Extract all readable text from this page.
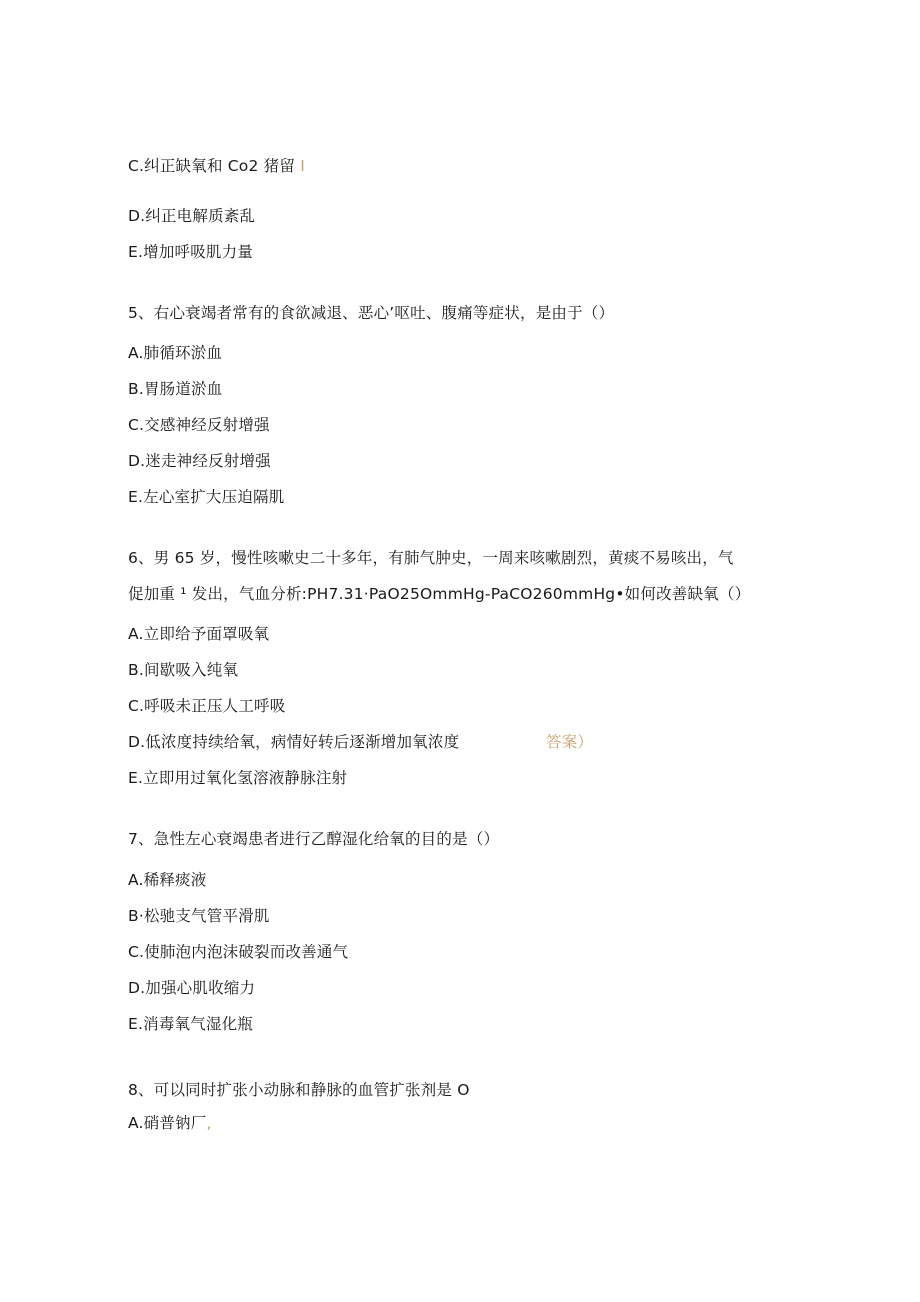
C.纠正缺氧和 Co2 猪留 I
D.纠正电解质紊乱
E.增加呼吸肌力量
5、右心衰竭者常有的食欲减退、恶心’呕吐、腹痛等症状，是由于（）
A.肺循环淤血
B.胃肠道淤血
C.交感神经反射增强
D.迷走神经反射增强
E.左心室扩大压迫隔肌
6、男 65 岁，慢性咳嗽史二十多年，有肺气肿史，一周来咳嗽剧烈，黄痰不易咳出，气
促加重 ¹ 发出，气血分析:PH7.31·PaO25OmmHg-PaCO260mmHg•如何改善缺氧（）
A.立即给予面罩吸氧
B.间歇吸入纯氧
C.呼吸未正压人工呼吸
D.低浓度持续给氧，病情好转后逐渐增加氧浓度	答案）
E.立即用过氧化氢溶液静脉注射
7、急性左心衰竭患者进行乙醇湿化给氧的目的是（）
A.稀释痰液
B·松驰支气管平滑肌
C.使肺泡内泡沫破裂而改善通气
D.加强心肌收缩力
E.消毒氧气湿化瓶
8、可以同时扩张小动脉和静脉的血管扩张剂是 O
A.硝普钠厂,
